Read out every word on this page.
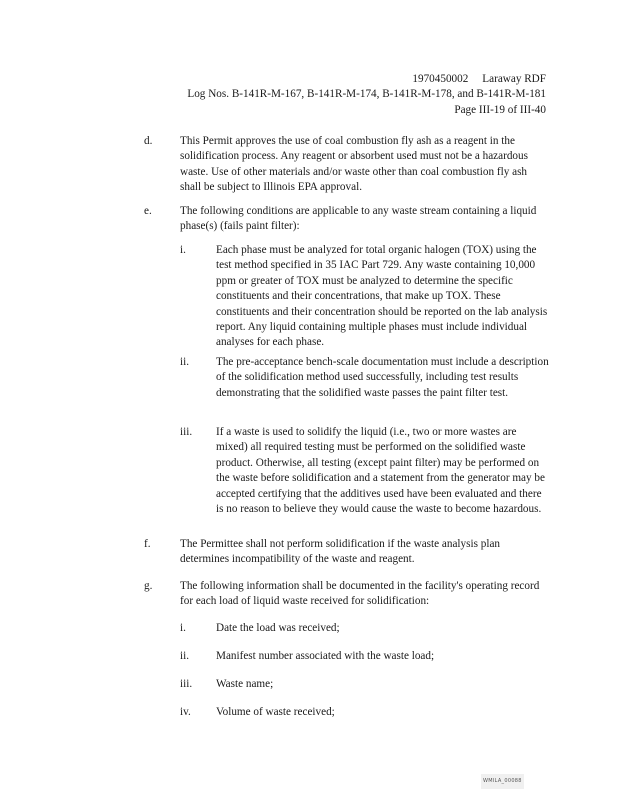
1970450002     Laraway RDF
Log Nos. B-141R-M-167, B-141R-M-174, B-141R-M-178, and B-141R-M-181
Page III-19 of III-40
d. This Permit approves the use of coal combustion fly ash as a reagent in the solidification process. Any reagent or absorbent used must not be a hazardous waste. Use of other materials and/or waste other than coal combustion fly ash shall be subject to Illinois EPA approval.
e.	The following conditions are applicable to any waste stream containing a liquid phase(s) (fails paint filter):
i.	Each phase must be analyzed for total organic halogen (TOX) using the test method specified in 35 IAC Part 729. Any waste containing 10,000 ppm or greater of TOX must be analyzed to determine the specific constituents and their concentrations, that make up TOX. These constituents and their concentration should be reported on the lab analysis report. Any liquid containing multiple phases must include individual analyses for each phase.
ii. The pre-acceptance bench-scale documentation must include a description of the solidification method used successfully, including test results demonstrating that the solidified waste passes the paint filter test.
iii. If a waste is used to solidify the liquid (i.e., two or more wastes are mixed) all required testing must be performed on the solidified waste product. Otherwise, all testing (except paint filter) may be performed on the waste before solidification and a statement from the generator may be accepted certifying that the additives used have been evaluated and there is no reason to believe they would cause the waste to become hazardous.
f.	The Permittee shall not perform solidification if the waste analysis plan determines incompatibility of the waste and reagent.
g. The following information shall be documented in the facility's operating record for each load of liquid waste received for solidification:
i.	Date the load was received;
ii. Manifest number associated with the waste load;
iii. Waste name;
iv. Volume of waste received;
WMILA_00088
